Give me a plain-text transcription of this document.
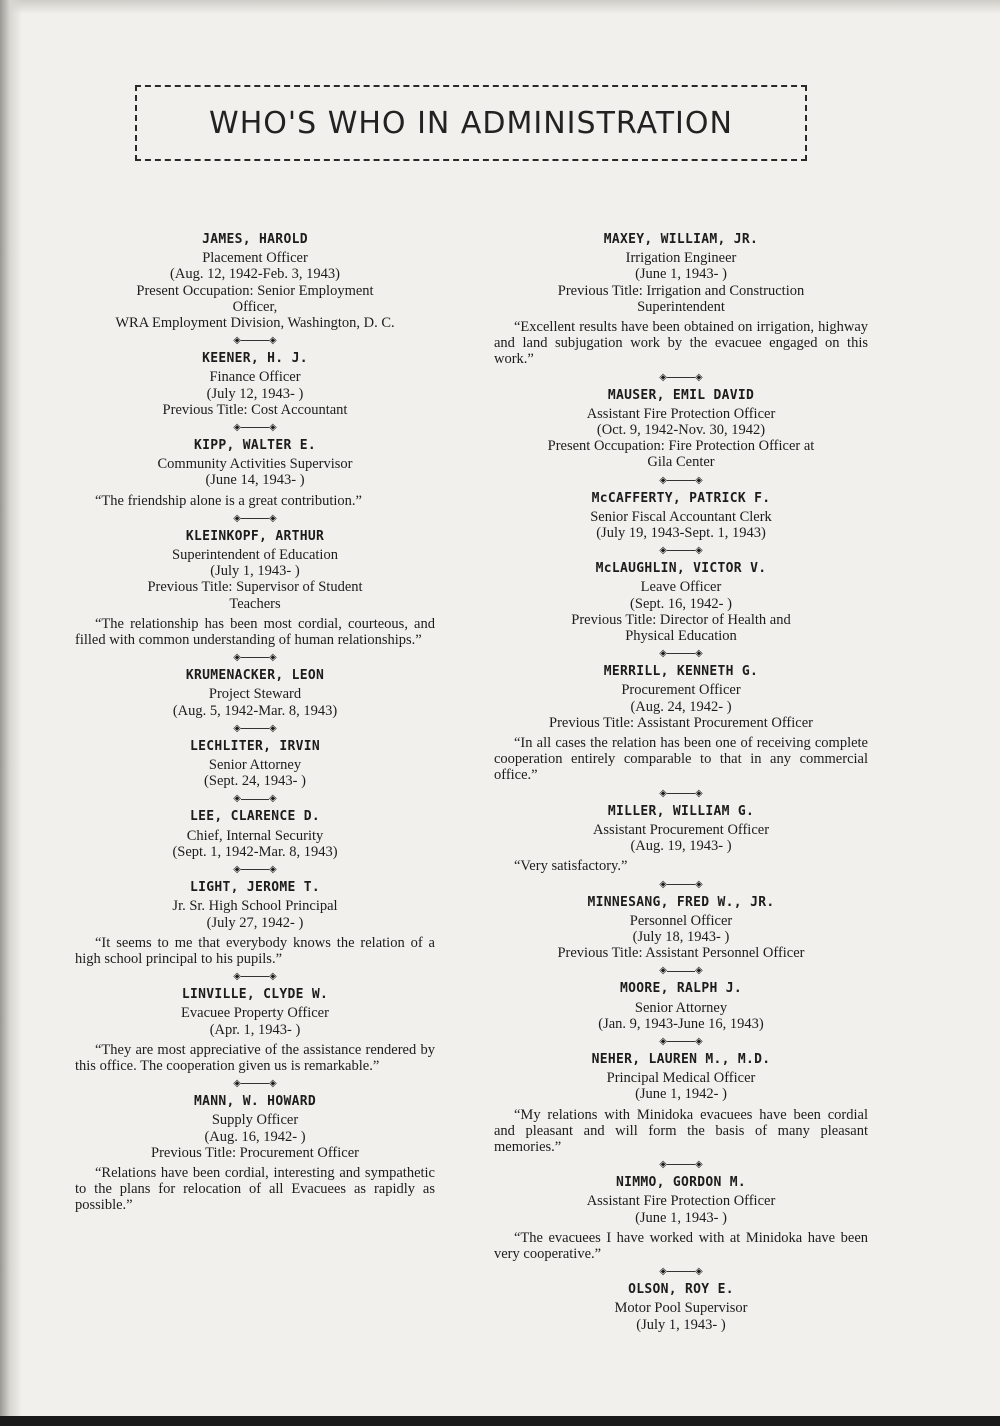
WHO'S WHO IN ADMINISTRATION
JAMES, HAROLD
Placement Officer
(Aug. 12, 1942-Feb. 3, 1943)
Present Occupation: Senior Employment
Officer,
WRA Employment Division, Washington, D. C.
◈	◈
KEENER, H. J.
Finance Officer
(July 12, 1943- )
Previous Title: Cost Accountant
◈	◈
KIPP, WALTER E.
Community Activities Supervisor
(June 14, 1943- )
“The friendship alone is a great contribution.”
◈	◈
KLEINKOPF, ARTHUR
Superintendent of Education
(July 1, 1943- )
Previous Title: Supervisor of Student
Teachers
“The relationship has been most cordial, courteous, and filled with common understanding of human relationships.”
◈	◈
KRUMENACKER, LEON
Project Steward
(Aug. 5, 1942-Mar. 8, 1943)
◈	◈
LECHLITER, IRVIN
Senior Attorney
(Sept. 24, 1943- )
◈	◈
LEE, CLARENCE D.
Chief, Internal Security
(Sept. 1, 1942-Mar. 8, 1943)
◈	◈
LIGHT, JEROME T.
Jr. Sr. High School Principal
(July 27, 1942- )
“It seems to me that everybody knows the relation of a high school principal to his pupils.”
◈	◈
LINVILLE, CLYDE W.
Evacuee Property Officer
(Apr. 1, 1943- )
“They are most appreciative of the assistance rendered by this office. The cooperation given us is remarkable.”
◈	◈
MANN, W. HOWARD
Supply Officer
(Aug. 16, 1942- )
Previous Title: Procurement Officer
“Relations have been cordial, interesting and sympathetic to the plans for relocation of all Evacuees as rapidly as possible.”
MAXEY, WILLIAM, JR.
Irrigation Engineer
(June 1, 1943- )
Previous Title: Irrigation and Construction
Superintendent
“Excellent results have been obtained on irrigation, highway and land subjugation work by the evacuee engaged on this work.”
◈	◈
MAUSER, EMIL DAVID
Assistant Fire Protection Officer
(Oct. 9, 1942-Nov. 30, 1942)
Present Occupation: Fire Protection Officer at
Gila Center
◈	◈
McCAFFERTY, PATRICK F.
Senior Fiscal Accountant Clerk
(July 19, 1943-Sept. 1, 1943)
◈	◈
McLAUGHLIN, VICTOR V.
Leave Officer
(Sept. 16, 1942- )
Previous Title: Director of Health and
Physical Education
◈	◈
MERRILL, KENNETH G.
Procurement Officer
(Aug. 24, 1942- )
Previous Title: Assistant Procurement Officer
“In all cases the relation has been one of receiving complete cooperation entirely comparable to that in any commercial office.”
◈	◈
MILLER, WILLIAM G.
Assistant Procurement Officer
(Aug. 19, 1943- )
“Very satisfactory.”
◈	◈
MINNESANG, FRED W., JR.
Personnel Officer
(July 18, 1943- )
Previous Title: Assistant Personnel Officer
◈	◈
MOORE, RALPH J.
Senior Attorney
(Jan. 9, 1943-June 16, 1943)
◈	◈
NEHER, LAUREN M., M.D.
Principal Medical Officer
(June 1, 1942- )
“My relations with Minidoka evacuees have been cordial and pleasant and will form the basis of many pleasant memories.”
◈	◈
NIMMO, GORDON M.
Assistant Fire Protection Officer
(June 1, 1943- )
“The evacuees I have worked with at Minidoka have been very cooperative.”
◈	◈
OLSON, ROY E.
Motor Pool Supervisor
(July 1, 1943- )
